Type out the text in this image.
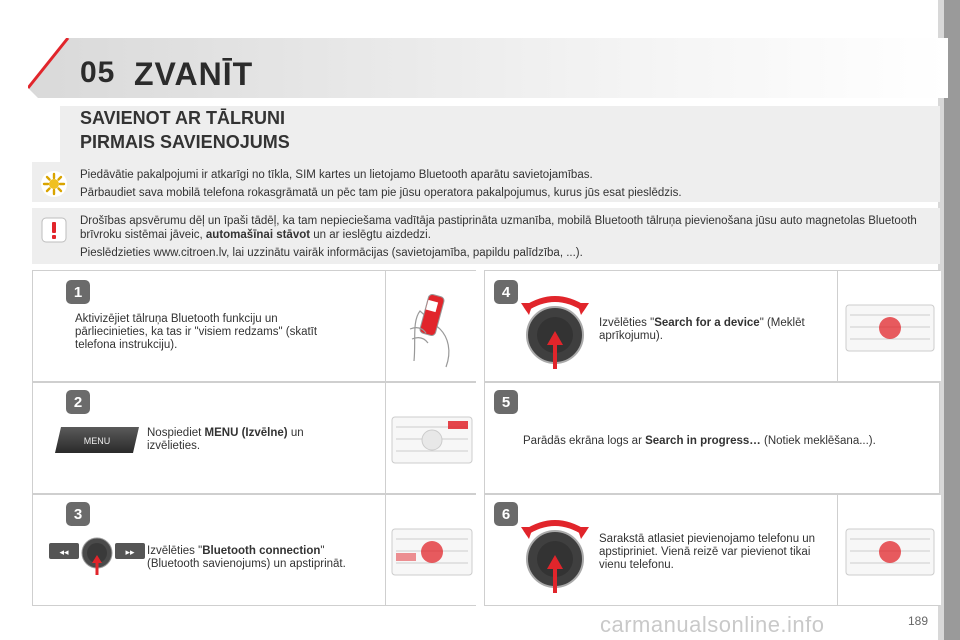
05 ZVANĪT
SAVIENOT AR TĀLRUNI
PIRMAIS SAVIENOJUMS

Piedāvātie pakalpojumi ir atkarīgi no tīkla, SIM kartes un lietojamo Bluetooth aparātu savietojamības.

Pārbaudiet sava mobilā telefona rokasgrāmatā un pēc tam pie jūsu operatora pakalpojumus, kurus jūs esat pieslēdzis.

Drošības apsvērumu dēļ un īpaši tādēļ, ka tam nepieciešama vadītāja pastiprināta uzmanība, mobilā Bluetooth tālruņa pievienošana jūsu auto magnetolas Bluetooth brīvroku sistēmai jāveic, automašīnai stāvot un ar ieslēgtu aizdedzi.

Pieslēdzieties www.citroen.lv, lai uzzinātu vairāk informācijas (savietojamība, papildu palīdzība, ...).

1
Aktivizējiet tālruņa Bluetooth funkciju un pārliecinieties, ka tas ir "visiem redzams" (skatīt telefona instrukciju).
2
MENU
Nospiediet MENU (Izvēlne) un izvēlieties.
3
◂◂	▸▸ Izvēlēties "Bluetooth connection" (Bluetooth savienojums) un apstiprināt.
4
Izvēlēties "Search for a device" (Meklēt aprīkojumu).
5
Parādās ekrāna logs ar Search in progress… (Notiek meklēšana...).
6
Sarakstā atlasiet pievienojamo telefonu un apstipriniet. Vienā reizē var pievienot tikai vienu telefonu.
carmanualsonline.info	189
